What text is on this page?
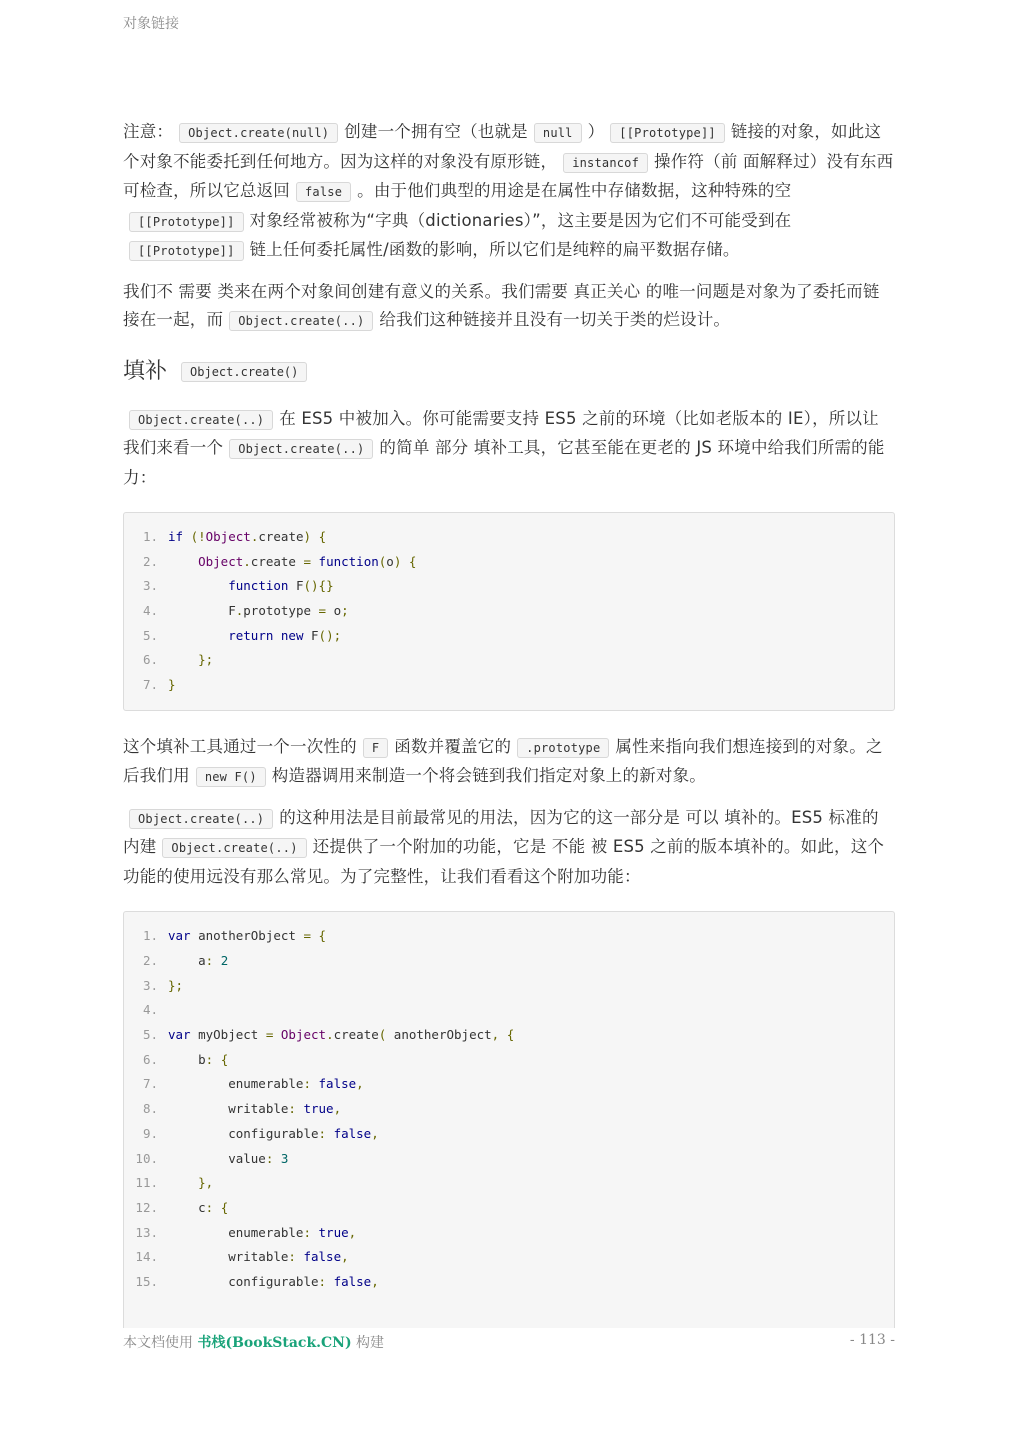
对象链接

注意： Object.create(null) 创建一个拥有空（也就是 null ） [[Prototype]] 链接的对象，如此这个对象不能委托到任何地方。因为这样的对象没有原形链， instancof 操作符（前 面解释过）没有东西可检查，所以它总返回 false 。由于他们典型的用途是在属性中存储数据，这种特殊的空[[Prototype]] 对象经常被称为“字典（dictionaries）”，这主要是因为它们不可能受到在[[Prototype]] 链上任何委托属性/函数的影响，所以它们是纯粹的扁平数据存储。

我们不 需要 类来在两个对象间创建有意义的关系。我们需要 真正关心 的唯一问题是对象为了委托而链接在一起，而 Object.create(..) 给我们这种链接并且没有一切关于类的烂设计。

填补 Object.create()

Object.create(..) 在 ES5 中被加入。你可能需要支持 ES5 之前的环境（比如老版本的 IE），所以让我们来看一个 Object.create(..) 的简单 部分 填补工具，它甚至能在更老的 JS 环境中给我们所需的能力：

1. if (!Object.create) {
2.	Object.create = function(o) {
3.	function F(){}
4.        F.prototype = o;
5.	return new F();
6.	};
7. }

这个填补工具通过一个一次性的 F 函数并覆盖它的 .prototype 属性来指向我们想连接到的对象。之后我们用 new F() 构造器调用来制造一个将会链到我们指定对象上的新对象。

Object.create(..) 的这种用法是目前最常见的用法，因为它的这一部分是 可以 填补的。ES5 标准的内建 Object.create(..) 还提供了一个附加的功能，它是 不能 被 ES5 之前的版本填补的。如此，这个功能的使用远没有那么常见。为了完整性，让我们看看这个附加功能：

1. var anotherObject = {
2.    a: 2
3. };
4.
5. var myObject = Object.create( anotherObject, {
6.    b: {
7.        enumerable: false,
8.        writable: true,
9.        configurable: false,
10.        value: 3
11.	},
12.    c: {
13.        enumerable: true,
14.        writable: false,
15.        configurable: false,
本文档使用 书栈(BookStack.CN) 构建	- 113 -
